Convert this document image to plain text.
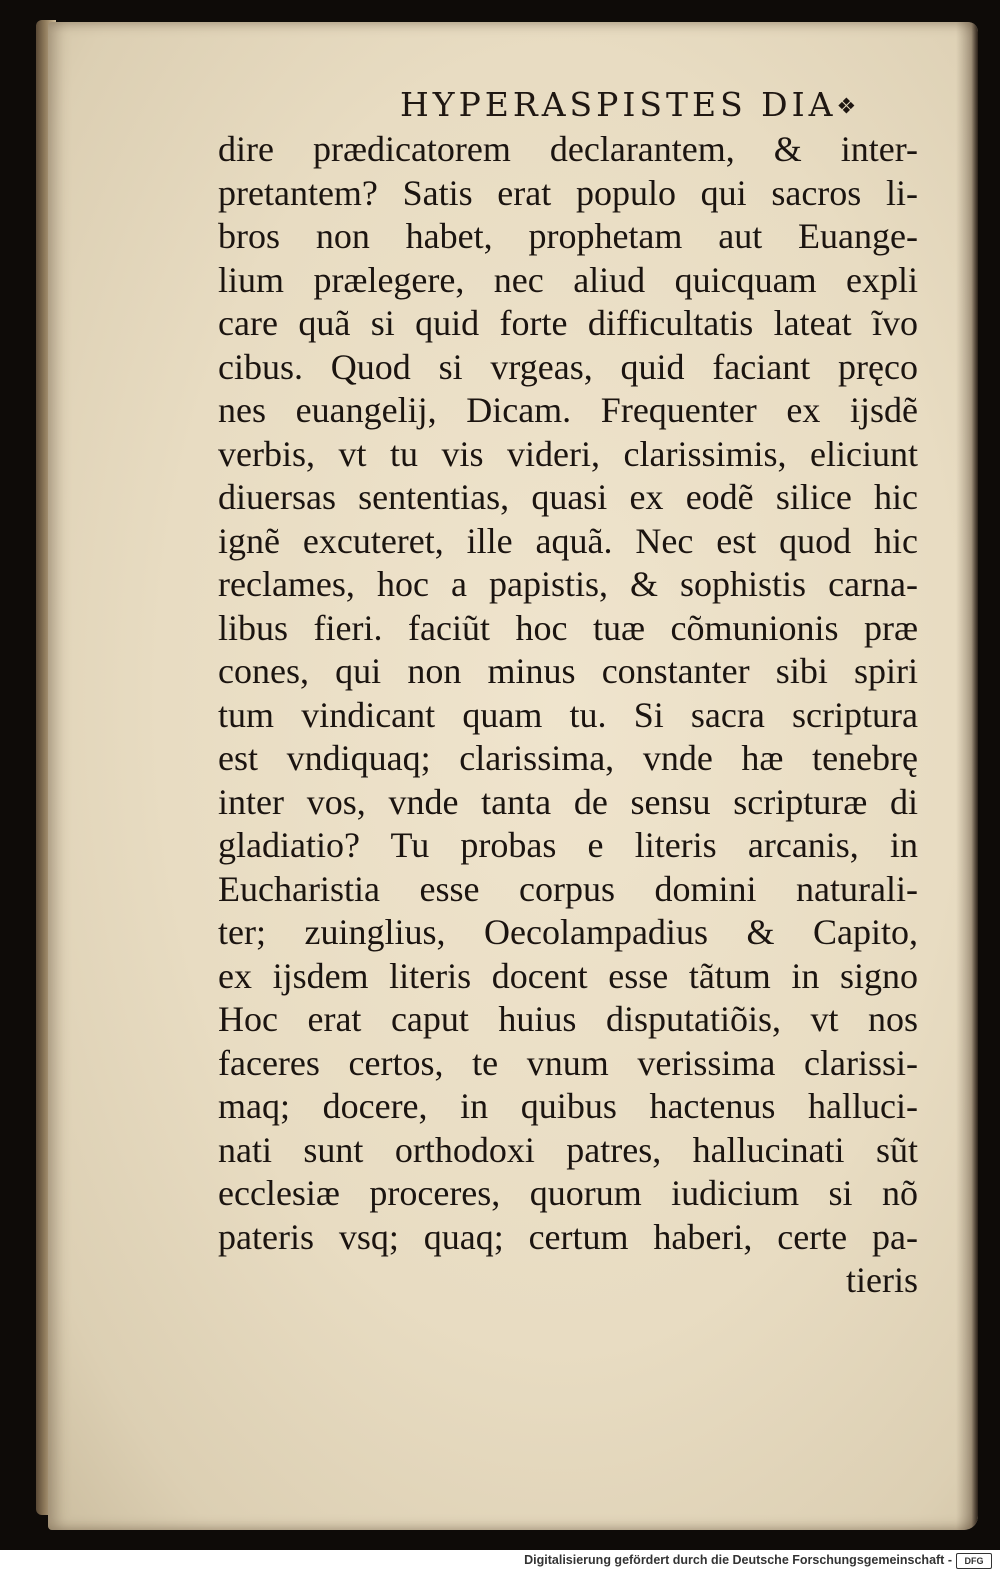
HYPERASPISTES DIA❖
dire prædicatorem declarantem, & inter-
pretantem? Satis erat populo qui sacros li-
bros non habet, prophetam aut Euange-
lium prælegere, nec aliud quicquam expli
care quã si quid forte difficultatis lateat ĩvo
cibus. Quod si vrgeas, quid faciant pręco
nes euangelij, Dicam. Frequenter ex ijsdẽ
verbis, vt tu vis videri, clarissimis, eliciunt
diuersas sententias, quasi ex eodẽ silice hic
ignẽ excuteret, ille aquã. Nec est quod hic
reclames, hoc a papistis, & sophistis carna-
libus fieri. faciũt hoc tuæ cõmunionis præ
cones, qui non minus constanter sibi spiri
tum vindicant quam tu. Si sacra scriptura
est vndiquaq; clarissima, vnde hæ tenebrę
inter vos, vnde tanta de sensu scripturæ di
gladiatio? Tu probas e literis arcanis, in
Eucharistia esse corpus domini naturali-
ter; zuinglius, Oecolampadius & Capito,
ex ijsdem literis docent esse tãtum in signo
Hoc erat caput huius disputatiõis, vt nos
faceres certos, te vnum verissima clarissi-
maq; docere, in quibus hactenus halluci-
nati sunt orthodoxi patres, hallucinati sũt
ecclesiæ proceres, quorum iudicium si nõ
pateris vsq; quaq; certum haberi, certe pa-
tieris
Digitalisierung gefördert durch die Deutsche Forschungsgemeinschaft -	DFG
